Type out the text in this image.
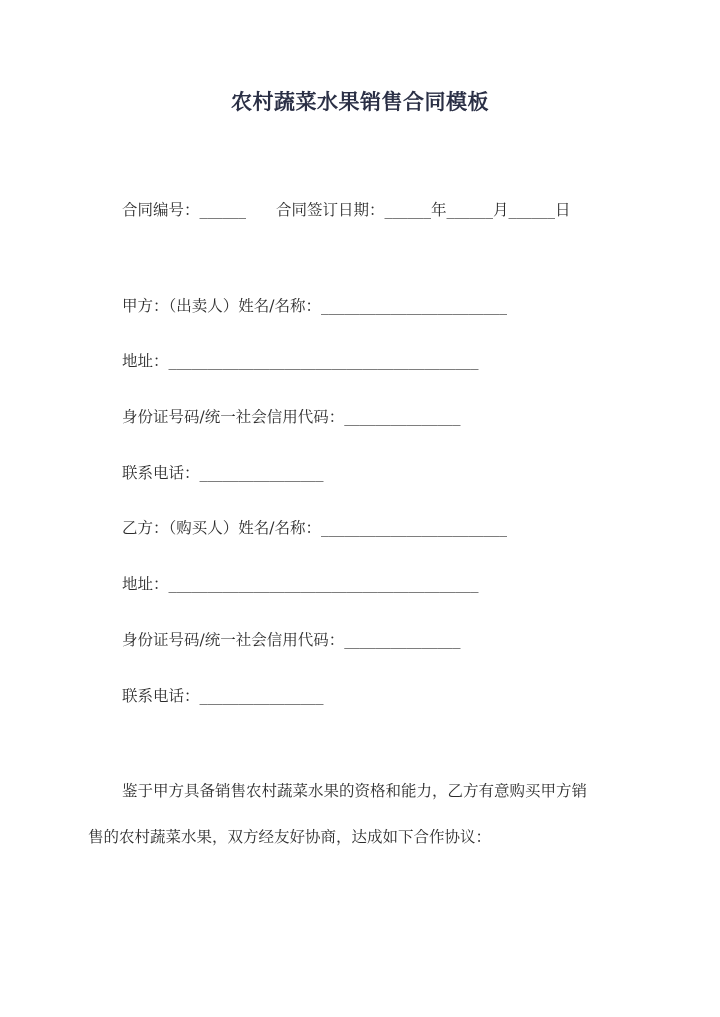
农村蔬菜水果销售合同模板
合同编号：______ 合同签订日期：______年______月______日
甲方：（出卖人）姓名/名称：________________________
地址：________________________________________
身份证号码/统一社会信用代码：_______________
联系电话：________________
乙方：（购买人）姓名/名称：________________________
地址：________________________________________
身份证号码/统一社会信用代码：_______________
联系电话：________________
鉴于甲方具备销售农村蔬菜水果的资格和能力，乙方有意购买甲方销
售的农村蔬菜水果，双方经友好协商，达成如下合作协议：
